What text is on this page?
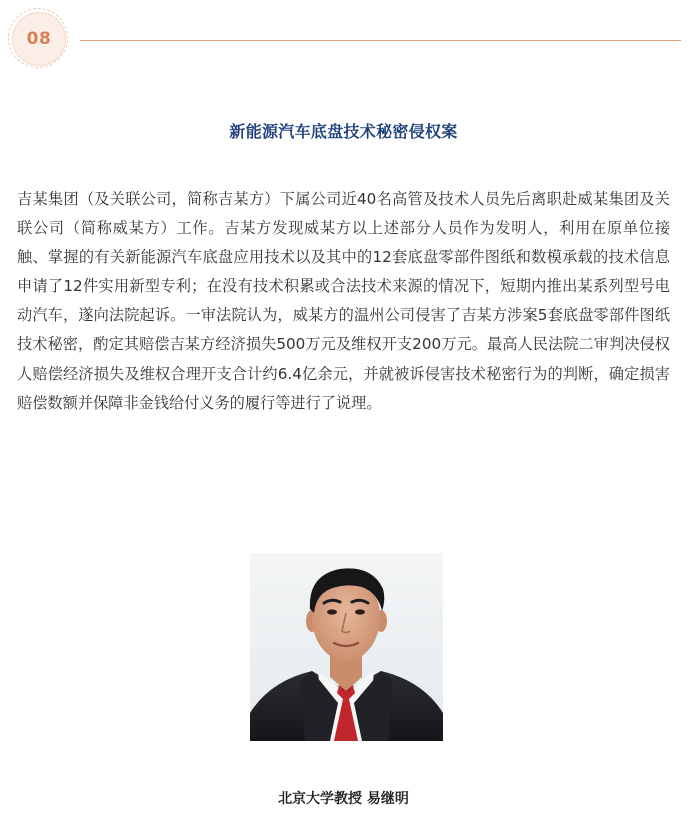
08
新能源汽车底盘技术秘密侵权案

吉某集团（及关联公司，简称吉某方）下属公司近40名高管及技术人员先后离职赴威某集团及关联公司（简称威某方）工作。吉某方发现威某方以上述部分人员作为发明人，利用在原单位接触、掌握的有关新能源汽车底盘应用技术以及其中的12套底盘零部件图纸和数模承载的技术信息申请了12件实用新型专利；在没有技术积累或合法技术来源的情况下，短期内推出某系列型号电动汽车，遂向法院起诉。一审法院认为，威某方的温州公司侵害了吉某方涉案5套底盘零部件图纸技术秘密，酌定其赔偿吉某方经济损失500万元及维权开支200万元。最高人民法院二审判决侵权人赔偿经济损失及维权合理开支合计约6.4亿余元，并就被诉侵害技术秘密行为的判断，确定损害赔偿数额并保障非金钱给付义务的履行等进行了说理。

北京大学教授 易继明
